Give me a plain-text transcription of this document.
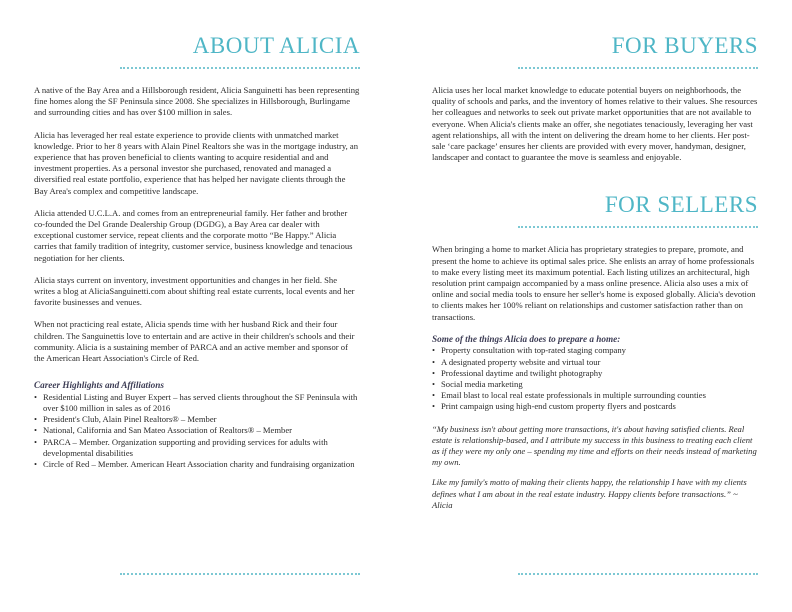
ABOUT ALICIA

A native of the Bay Area and a Hillsborough resident, Alicia Sanguinetti has been representing fine homes along the SF Peninsula since 2008. She specializes in Hillsborough, Burlingame and surrounding cities and has over $100 million in sales.

Alicia has leveraged her real estate experience to provide clients with unmatched market knowledge. Prior to her 8 years with Alain Pinel Realtors she was in the mortgage industry, an experience that has proven beneficial to clients wanting to acquire residential and and investment properties. As a personal investor she purchased, renovated and managed a diversified real estate portfolio, experience that has helped her navigate clients through the Bay Area's complex and competitive landscape.

Alicia attended U.C.L.A. and comes from an entrepreneurial family. Her father and brother co-founded the Del Grande Dealership Group (DGDG), a Bay Area car dealer with exceptional customer service, repeat clients and the corporate motto “Be Happy.” Alicia carries that family tradition of integrity, customer service, business knowledge and tenacious negotiation for her clients.

Alicia stays current on inventory, investment opportunities and changes in her field. She writes a blog at AliciaSanguinetti.com about shifting real estate currents, local events and her favorite businesses and venues.

When not practicing real estate, Alicia spends time with her husband Rick and their four children. The Sanguinettis love to entertain and are active in their children's schools and their community. Alicia is a sustaining member of PARCA and an active member and sponsor of the American Heart Association's Circle of Red.

Career Highlights and Affiliations

• Residential Listing and Buyer Expert – has served clients throughout the SF Peninsula with over $100 million in sales as of 2016
• President's Club, Alain Pinel Realtors® – Member
• National, California and San Mateo Association of Realtors® – Member
• PARCA – Member. Organization supporting and providing services for adults with developmental disabilities
• Circle of Red – Member. American Heart Association charity and fundraising organization
FOR BUYERS

Alicia uses her local market knowledge to educate potential buyers on neighborhoods, the quality of schools and parks, and the inventory of homes relative to their values. She resources her colleagues and networks to seek out private market opportunities that are not available to everyone. When Alicia's clients make an offer, she negotiates tenaciously, leveraging her vast agent relationships, all with the intent on delivering the dream home to her clients. Her post-sale ‘care package’ ensures her clients are provided with every mover, handyman, designer, landscaper and contact to guarantee the move is seamless and enjoyable.

FOR SELLERS

When bringing a home to market Alicia has proprietary strategies to prepare, promote, and present the home to achieve its optimal sales price. She enlists an array of home professionals to make every listing meet its maximum potential. Each listing utilizes an architectural, high resolution print campaign accompanied by a mass online presence. Alicia also uses a mix of online and social media tools to ensure her seller's home is exposed globally. Alicia's devotion to clients makes her 100% reliant on relationships and customer satisfaction rather than on transactions.

Some of the things Alicia does to prepare a home:

• Property consultation with top-rated staging company
• A designated property website and virtual tour
• Professional daytime and twilight photography
• Social media marketing
• Email blast to local real estate professionals in multiple surrounding counties
• Print campaign using high-end custom property flyers and postcards

“My business isn't about getting more transactions, it's about having satisfied clients. Real estate is relationship-based, and I attribute my success in this business to treating each client as if they were my only one – spending my time and efforts on their needs instead of marketing my own.

Like my family's motto of making their clients happy, the relationship I have with my clients defines what I am about in the real estate industry. Happy clients before transactions.” ~ Alicia
